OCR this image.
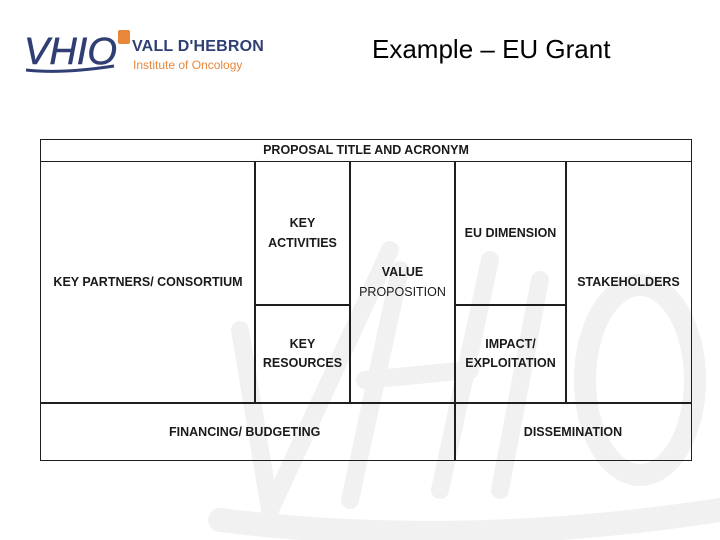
VHIO VALL D'HEBRON
Institute of Oncology
Example – EU Grant
PROPOSAL TITLE AND ACRONYM
KEY PARTNERS/ CONSORTIUM
KEY
ACTIVITIES
KEY
RESOURCES
VALUE
PROPOSITION
EU DIMENSION
IMPACT/
EXPLOITATION
STAKEHOLDERS
FINANCING/ BUDGETING	DISSEMINATION
